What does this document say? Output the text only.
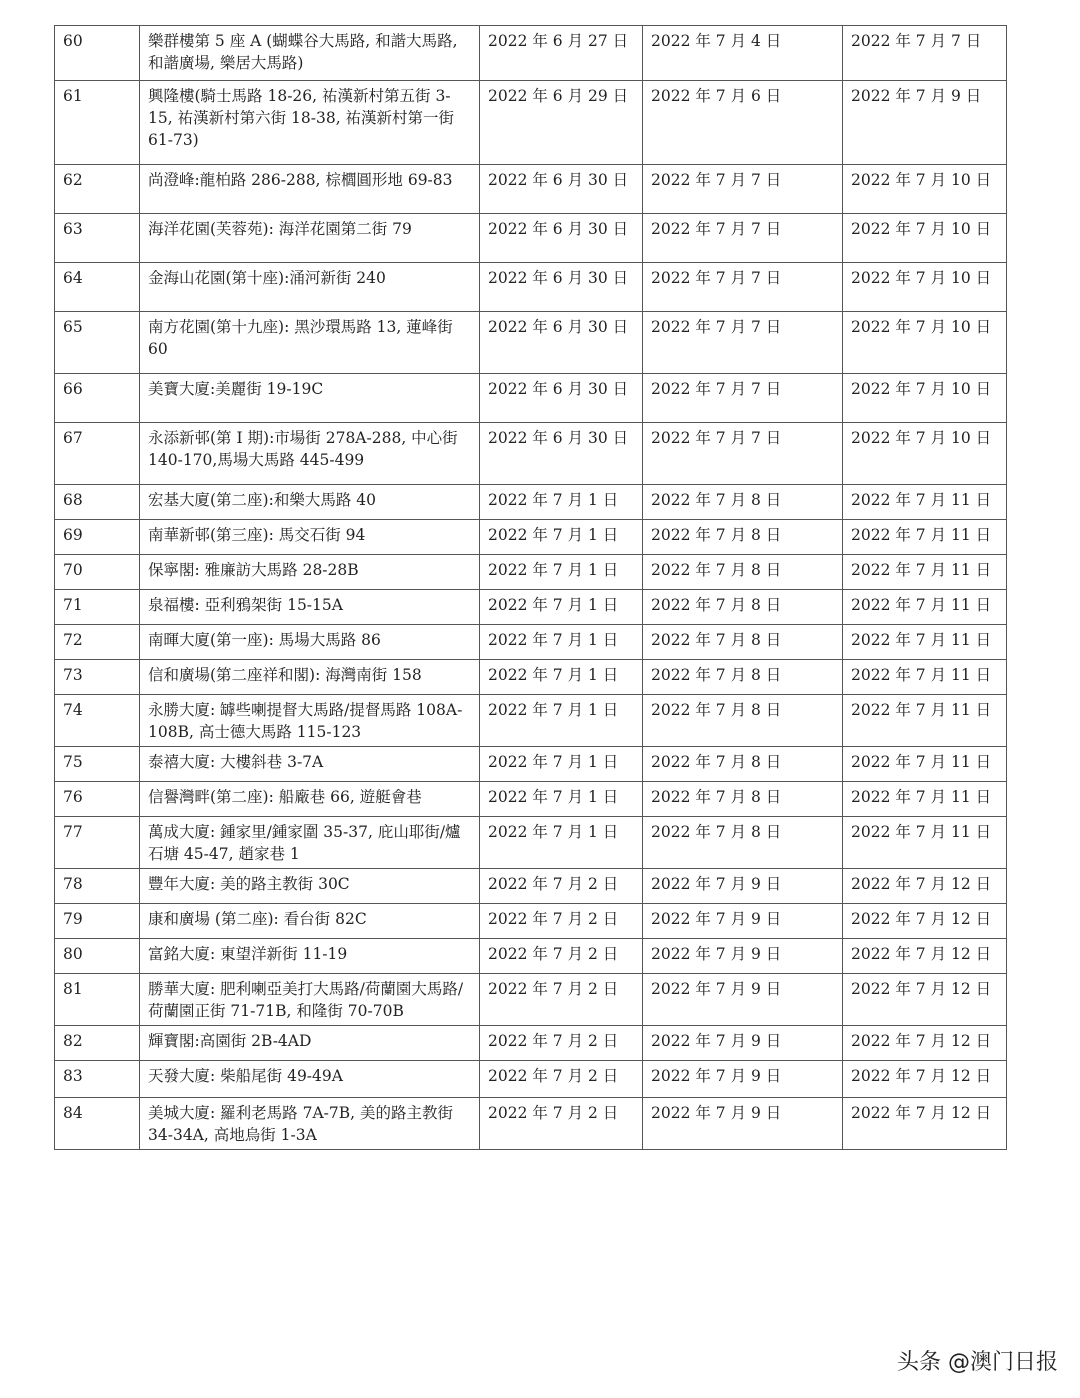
60	樂群樓第 5 座 A (蝴蝶谷大馬路, 和諧大馬路, 和諧廣場, 樂居大馬路)	2022 年 6 月 27 日	2022 年 7 月 4 日	2022 年 7 月 7 日
61	興隆樓(騎士馬路 18-26, 祐漢新村第五街 3-15, 祐漢新村第六街 18-38, 祐漢新村第一街 61-73)	2022 年 6 月 29 日	2022 年 7 月 6 日	2022 年 7 月 9 日
62	尚澄峰:龍柏路 286-288, 棕櫚圓形地 69-83	2022 年 6 月 30 日	2022 年 7 月 7 日	2022 年 7 月 10 日
63	海洋花園(芙蓉苑): 海洋花園第二街 79	2022 年 6 月 30 日	2022 年 7 月 7 日	2022 年 7 月 10 日
64	金海山花園(第十座):涌河新街 240	2022 年 6 月 30 日	2022 年 7 月 7 日	2022 年 7 月 10 日
65	南方花園(第十九座): 黑沙環馬路 13, 蓮峰街 60	2022 年 6 月 30 日	2022 年 7 月 7 日	2022 年 7 月 10 日
66	美寶大廈:美麗街 19-19C	2022 年 6 月 30 日	2022 年 7 月 7 日	2022 年 7 月 10 日
67	永添新邨(第 I 期):市場街 278A-288, 中心街 140-170,馬場大馬路 445-499	2022 年 6 月 30 日	2022 年 7 月 7 日	2022 年 7 月 10 日
68	宏基大廈(第二座):和樂大馬路 40	2022 年 7 月 1 日	2022 年 7 月 8 日	2022 年 7 月 11 日
69	南華新邨(第三座): 馬交石街 94	2022 年 7 月 1 日	2022 年 7 月 8 日	2022 年 7 月 11 日
70	保寧閣: 雅廉訪大馬路 28-28B	2022 年 7 月 1 日	2022 年 7 月 8 日	2022 年 7 月 11 日
71	泉福樓: 亞利鴉架街 15-15A	2022 年 7 月 1 日	2022 年 7 月 8 日	2022 年 7 月 11 日
72	南暉大廈(第一座): 馬場大馬路 86	2022 年 7 月 1 日	2022 年 7 月 8 日	2022 年 7 月 11 日
73	信和廣場(第二座祥和閣): 海灣南街 158	2022 年 7 月 1 日	2022 年 7 月 8 日	2022 年 7 月 11 日
74	永勝大廈: 罅些喇提督大馬路/提督馬路 108A-108B, 高士德大馬路 115-123	2022 年 7 月 1 日	2022 年 7 月 8 日	2022 年 7 月 11 日
75	泰禧大廈: 大樓斜巷 3-7A	2022 年 7 月 1 日	2022 年 7 月 8 日	2022 年 7 月 11 日
76	信譽灣畔(第二座): 船廠巷 66, 遊艇會巷	2022 年 7 月 1 日	2022 年 7 月 8 日	2022 年 7 月 11 日
77	萬成大廈: 鍾家里/鍾家圍 35-37, 庇山耶街/爐石塘 45-47, 趙家巷 1	2022 年 7 月 1 日	2022 年 7 月 8 日	2022 年 7 月 11 日
78	豐年大廈: 美的路主教街 30C	2022 年 7 月 2 日	2022 年 7 月 9 日	2022 年 7 月 12 日
79	康和廣場 (第二座): 看台街 82C	2022 年 7 月 2 日	2022 年 7 月 9 日	2022 年 7 月 12 日
80	富銘大廈: 東望洋新街 11-19	2022 年 7 月 2 日	2022 年 7 月 9 日	2022 年 7 月 12 日
81	勝華大廈: 肥利喇亞美打大馬路/荷蘭園大馬路/荷蘭園正街 71-71B, 和隆街 70-70B	2022 年 7 月 2 日	2022 年 7 月 9 日	2022 年 7 月 12 日
82	輝寶閣:高園街 2B-4AD	2022 年 7 月 2 日	2022 年 7 月 9 日	2022 年 7 月 12 日
83	天發大廈: 柴船尾街 49-49A	2022 年 7 月 2 日	2022 年 7 月 9 日	2022 年 7 月 12 日
84	美城大廈: 羅利老馬路 7A-7B, 美的路主教街 34-34A, 高地烏街 1-3A	2022 年 7 月 2 日	2022 年 7 月 9 日	2022 年 7 月 12 日
头条 @澳门日报
